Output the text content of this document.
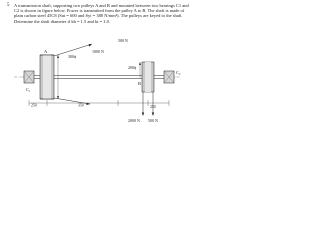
5 A transmission shaft, supporting two pulleys A and B and mounted between two bearings C1 and C2 is shown in figure below. Power is transmitted from the pulley A to B. The shaft is made of plain carbon steel 45C8 (Sut = 600 and Syt = 380 N/mm²). The pulleys are keyed to the shaft. Determine the shaft diameter if kb = 1.5 and kt = 1.0.
C₁
A
300ϕ
B
200ϕ
C₂
1000 N
500 N
2000 N 500 N
250	350	250
